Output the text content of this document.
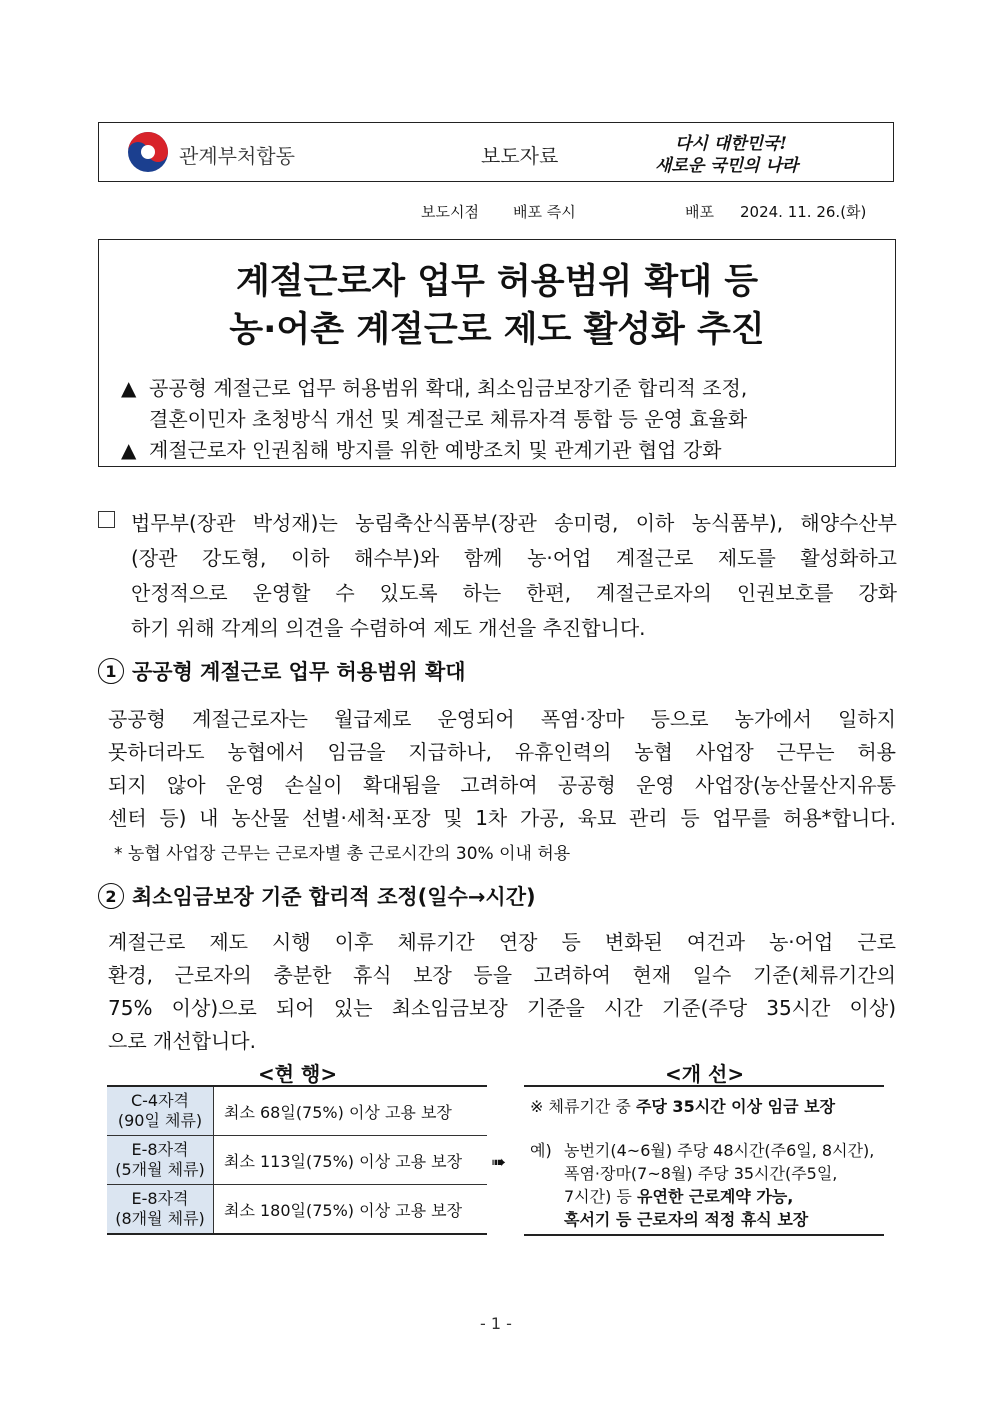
관계부처합동	보도자료	다시 대한민국!
새로운 국민의 나라
보도시점 배포 즉시	배포 2024. 11. 26.(화)
계절근로자 업무 허용범위 확대 등
농·어촌 계절근로 제도 활성화 추진
▲ 공공형 계절근로 업무 허용범위 확대, 최소임금보장기준 합리적 조정,
결혼이민자 초청방식 개선 및 계절근로 체류자격 통합 등 운영 효율화
▲ 계절근로자 인권침해 방지를 위한 예방조치 및 관계기관 협업 강화
법무부(장관 박성재)는 농림축산식품부(장관 송미령, 이하 농식품부), 해양수산부
(장관 강도형, 이하 해수부)와 함께 농·어업 계절근로 제도를 활성화하고
안정적으로 운영할 수 있도록 하는 한편, 계절근로자의 인권보호를 강화
하기 위해 각계의 의견을 수렴하여 제도 개선을 추진합니다.
1 공공형 계절근로 업무 허용범위 확대
공공형 계절근로자는 월급제로 운영되어 폭염·장마 등으로 농가에서 일하지
못하더라도 농협에서 임금을 지급하나, 유휴인력의 농협 사업장 근무는 허용
되지 않아 운영 손실이 확대됨을 고려하여 공공형 운영 사업장(농산물산지유통
센터 등) 내 농산물 선별·세척·포장 및 1차 가공, 육묘 관리 등 업무를 허용*합니다.
* 농협 사업장 근무는 근로자별 총 근로시간의 30% 이내 허용
2 최소임금보장 기준 합리적 조정(일수→시간)
계절근로 제도 시행 이후 체류기간 연장 등 변화된 여건과 농·어업 근로
환경, 근로자의 충분한 휴식 보장 등을 고려하여 현재 일수 기준(체류기간의
75% 이상)으로 되어 있는 최소임금보장 기준을 시간 기준(주당 35시간 이상)
으로 개선합니다.
<현 행>	<개 선>
C-4자격
(90일 체류)	최소 68일(75%) 이상 고용 보장
E-8자격
(5개월 체류)	최소 113일(75%) 이상 고용 보장
E-8자격
(8개월 체류)	최소 180일(75%) 이상 고용 보장
➠
※ 체류기간 중 주당 35시간 이상 임금 보장
예) 농번기(4~6월) 주당 48시간(주6일, 8시간),
폭염·장마(7~8월) 주당 35시간(주5일,
7시간) 등 유연한 근로계약 가능,
혹서기 등 근로자의 적정 휴식 보장
- 1 -
